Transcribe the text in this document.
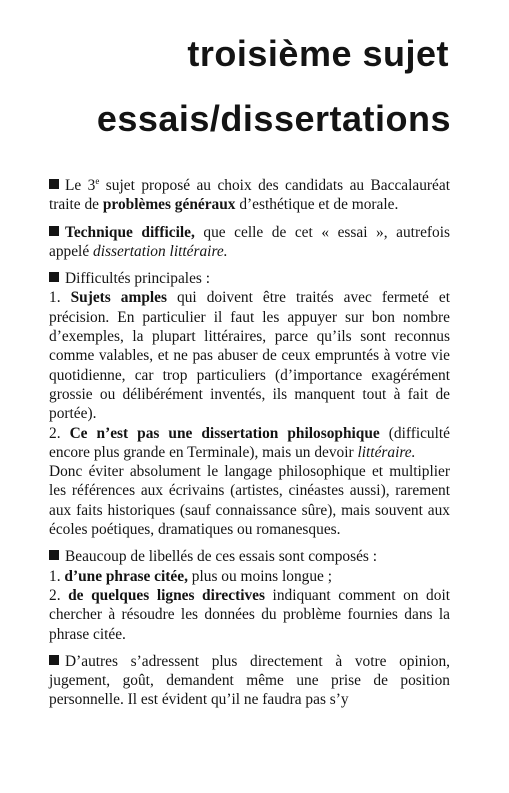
troisième sujet
essais/dissertations

Le 3e sujet proposé au choix des candidats au Baccalauréat traite de problèmes généraux d’esthétique et de morale.

Technique difficile, que celle de cet « essai », autrefois appelé dissertation littéraire.

Difficultés principales :

1. Sujets amples qui doivent être traités avec fermeté et précision. En particulier il faut les appuyer sur bon nombre d’exemples, la plupart littéraires, parce qu’ils sont reconnus comme valables, et ne pas abuser de ceux empruntés à votre vie quotidienne, car trop particuliers (d’importance exagérément grossie ou délibérément inventés, ils manquent tout à fait de portée).

2. Ce n’est pas une dissertation philosophique (difficulté encore plus grande en Terminale), mais un devoir littéraire.

Donc éviter absolument le langage philosophique et multiplier les références aux écrivains (artistes, cinéastes aussi), rarement aux faits historiques (sauf connaissance sûre), mais souvent aux écoles poétiques, dramatiques ou romanesques.

Beaucoup de libellés de ces essais sont composés :

1. d’une phrase citée, plus ou moins longue ;

2. de quelques lignes directives indiquant comment on doit chercher à résoudre les données du problème fournies dans la phrase citée.

D’autres s’adressent plus directement à votre opinion, jugement, goût, demandent même une prise de position personnelle. Il est évident qu’il ne faudra pas s’y
